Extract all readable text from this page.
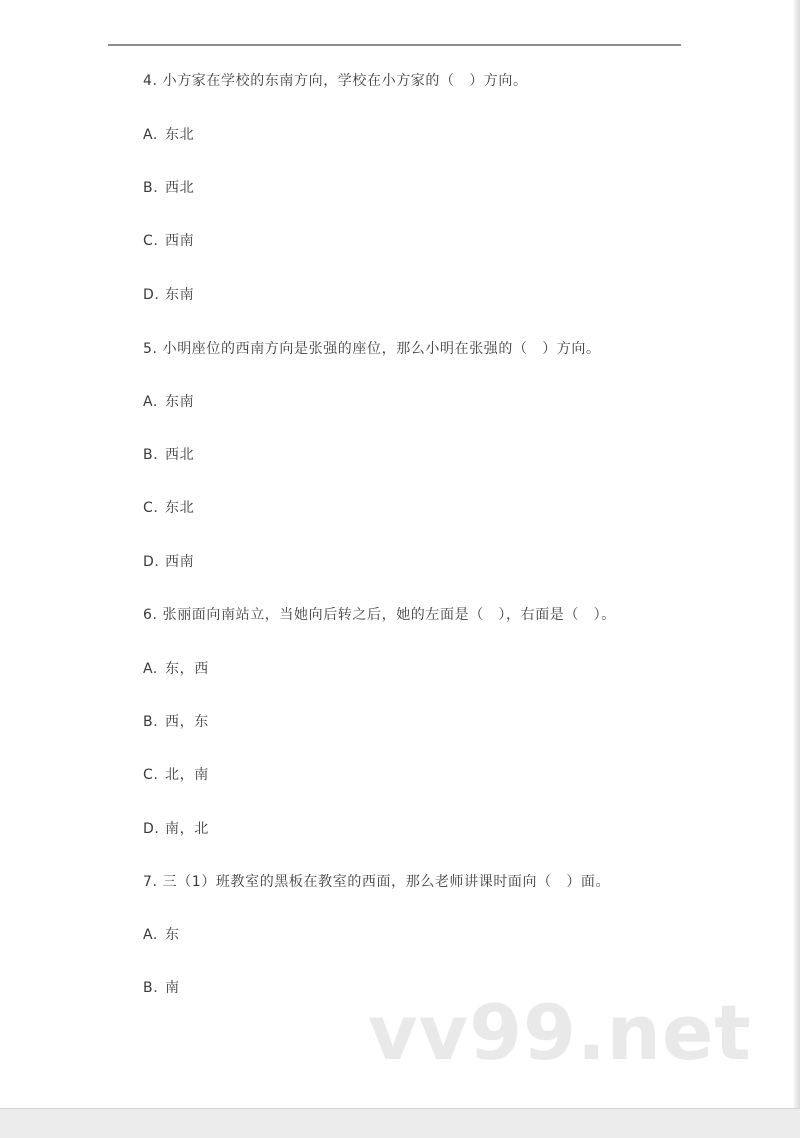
4. 小方家在学校的东南方向，学校在小方家的（　）方向。
A. 东北
B. 西北
C. 西南
D. 东南
5. 小明座位的西南方向是张强的座位，那么小明在张强的（　）方向。
A. 东南
B. 西北
C. 东北
D. 西南
6. 张丽面向南站立，当她向后转之后，她的左面是（　），右面是（　）。
A. 东，西
B. 西，东
C. 北，南
D. 南，北
7. 三（1）班教室的黑板在教室的西面，那么老师讲课时面向（　）面。
A. 东
B. 南 vv99.net
